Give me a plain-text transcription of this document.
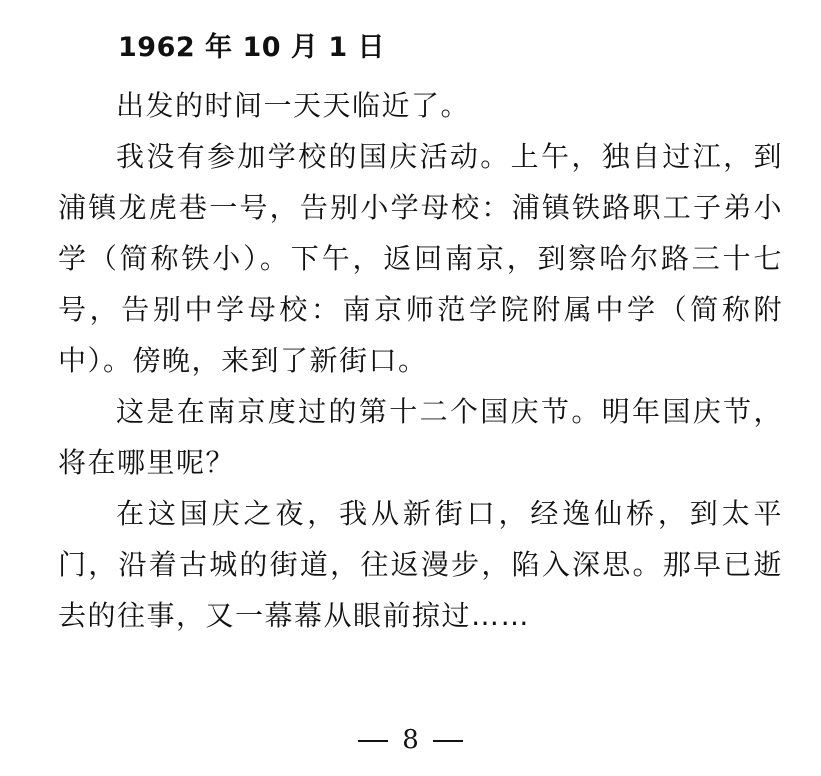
1962 年 10 月 1 日

出发的时间一天天临近了。

我没有参加学校的国庆活动。上午，独自过江，到浦镇龙虎巷一号，告别小学母校：浦镇铁路职工子弟小学（简称铁小）。下午，返回南京，到察哈尔路三十七号，告别中学母校：南京师范学院附属中学（简称附中）。傍晚，来到了新街口。

这是在南京度过的第十二个国庆节。明年国庆节，将在哪里呢？

在这国庆之夜，我从新街口，经逸仙桥，到太平门，沿着古城的街道，往返漫步，陷入深思。那早已逝去的往事，又一幕幕从眼前掠过……

8
